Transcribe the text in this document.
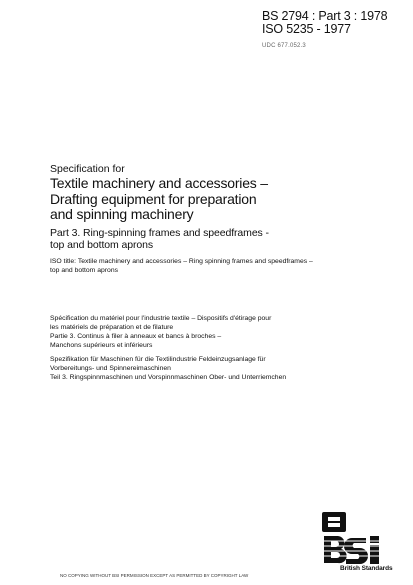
BS 2794 : Part 3 : 1978
ISO 5235 - 1977
UDC 677.052.3
Specification for
Textile machinery and accessories –
Drafting equipment for preparation
and spinning machinery
Part 3. Ring-spinning frames and speedframes -
top and bottom aprons
ISO title: Textile machinery and accessories – Ring spinning frames and speedframes – top and bottom aprons
Spécification du matériel pour l'industrie textile – Dispositifs d'étirage pour
les matériels de préparation et de filature
Partie 3. Continus à filer à anneaux et bancs à broches –
Manchons supérieurs et inférieurs
Spezifikation für Maschinen für die Textilindustrie Feldeinzugsanlage für
Vorbereitungs- und Spinnereimaschinen
Teil 3. Ringspinnmaschinen und Vorspinnmaschinen Ober- und Unterriemchen
British Standards
NO COPYING WITHOUT BSI PERMISSION EXCEPT AS PERMITTED BY COPYRIGHT LAW
